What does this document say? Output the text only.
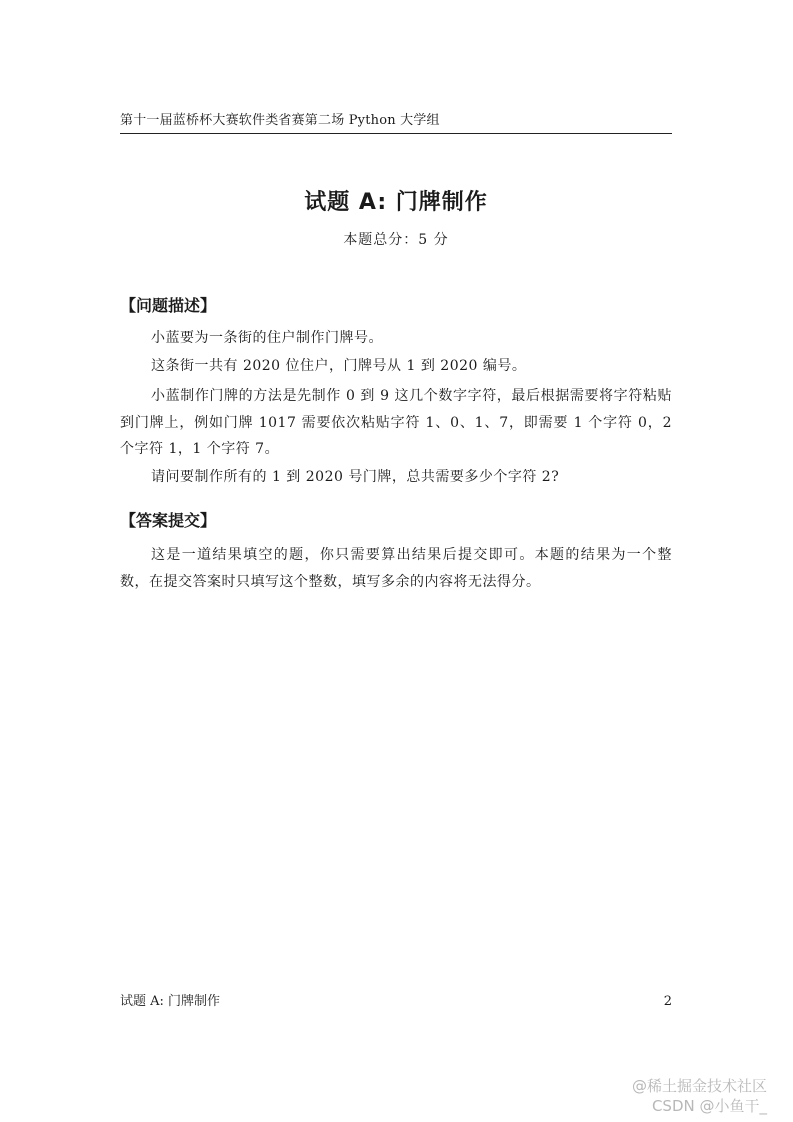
第十一届蓝桥杯大赛软件类省赛第二场 Python 大学组
试题 A: 门牌制作
本题总分：5 分
【问题描述】
小蓝要为一条街的住户制作门牌号。
这条街一共有 2020 位住户，门牌号从 1 到 2020 编号。
小蓝制作门牌的方法是先制作 0 到 9 这几个数字字符，最后根据需要将字符粘贴到门牌上，例如门牌 1017 需要依次粘贴字符 1、0、1、7，即需要 1 个字符 0，2 个字符 1，1 个字符 7。
请问要制作所有的 1 到 2020 号门牌，总共需要多少个字符 2?
【答案提交】
这是一道结果填空的题，你只需要算出结果后提交即可。本题的结果为一个整数，在提交答案时只填写这个整数，填写多余的内容将无法得分。
试题 A: 门牌制作	2
@稀土掘金技术社区
CSDN @小鱼干_
